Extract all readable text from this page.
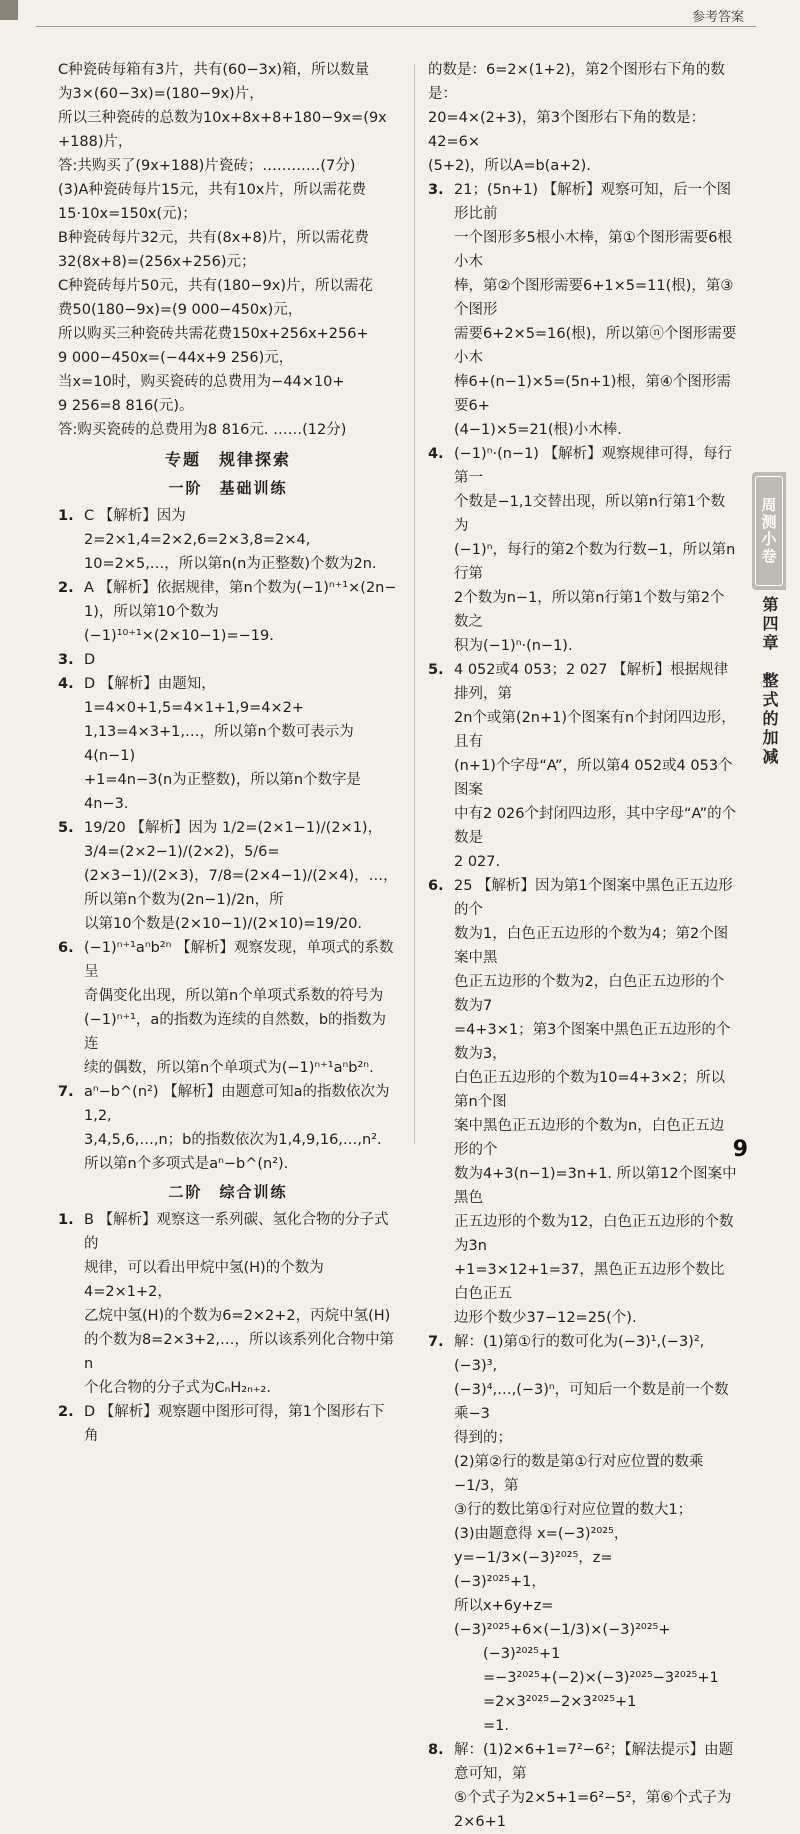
参考答案

C种瓷砖每箱有3片，共有(60−3x)箱，所以数量

为3×(60−3x)=(180−9x)片，

所以三种瓷砖的总数为10x+8x+8+180−9x=(9x

+188)片，

答:共购买了(9x+188)片瓷砖；…………(7分)

(3)A种瓷砖每片15元，共有10x片，所以需花费

15·10x=150x(元)；

B种瓷砖每片32元，共有(8x+8)片，所以需花费

32(8x+8)=(256x+256)元；

C种瓷砖每片50元，共有(180−9x)片，所以需花

费50(180−9x)=(9 000−450x)元，

所以购买三种瓷砖共需花费150x+256x+256+

9 000−450x=(−44x+9 256)元，

当x=10时，购买瓷砖的总费用为−44×10+

9 256=8 816(元)。

答:购买瓷砖的总费用为8 816元. ……(12分)

专题　规律探索
一阶　基础训练
1. C 【解析】因为2=2×1,4=2×2,6=2×3,8=2×4,

10=2×5,…，所以第n(n为正整数)个数为2n.

2. A 【解析】依据规律，第n个数为(−1)ⁿ⁺¹×(2n−

1)，所以第10个数为(−1)¹⁰⁺¹×(2×10−1)=−19.

3. D

4. D 【解析】由题知，1=4×0+1,5=4×1+1,9=4×2+

1,13=4×3+1,…，所以第n个数可表示为4(n−1)

+1=4n−3(n为正整数)，所以第n个数字是4n−3.

5. 19/20 【解析】因为 1/2=(2×1−1)/(2×1)，3/4=(2×2−1)/(2×2)，5/6=

(2×3−1)/(2×3)，7/8=(2×4−1)/(2×4)，…，所以第n个数为(2n−1)/2n，所

以第10个数是(2×10−1)/(2×10)=19/20.

6. (−1)ⁿ⁺¹aⁿb²ⁿ 【解析】观察发现，单项式的系数呈

奇偶变化出现，所以第n个单项式系数的符号为

(−1)ⁿ⁺¹，a的指数为连续的自然数，b的指数为连

续的偶数，所以第n个单项式为(−1)ⁿ⁺¹aⁿb²ⁿ.

7. aⁿ−b^(n²) 【解析】由题意可知a的指数依次为1,2,

3,4,5,6,…,n；b的指数依次为1,4,9,16,…,n².

所以第n个多项式是aⁿ−b^(n²).

二阶　综合训练
1. B 【解析】观察这一系列碳、氢化合物的分子式的

规律，可以看出甲烷中氢(H)的个数为4=2×1+2，

乙烷中氢(H)的个数为6=2×2+2，丙烷中氢(H)

的个数为8=2×3+2,…，所以该系列化合物中第n

个化合物的分子式为CₙH₂ₙ₊₂.

2. D 【解析】观察题中图形可得，第1个图形右下角

的数是：6=2×(1+2)，第2个图形右下角的数是：

20=4×(2+3)，第3个图形右下角的数是：42=6×

(5+2)，所以A=b(a+2).

3. 21；(5n+1) 【解析】观察可知，后一个图形比前

一个图形多5根小木棒，第①个图形需要6根小木

棒，第②个图形需要6+1×5=11(根)，第③个图形

需要6+2×5=16(根)，所以第ⓝ个图形需要小木

棒6+(n−1)×5=(5n+1)根，第④个图形需要6+

(4−1)×5=21(根)小木棒.

4. (−1)ⁿ·(n−1) 【解析】观察规律可得，每行第一

个数是−1,1交替出现，所以第n行第1个数为

(−1)ⁿ，每行的第2个数为行数−1，所以第n行第

2个数为n−1，所以第n行第1个数与第2个数之

积为(−1)ⁿ·(n−1).

5. 4 052或4 053；2 027 【解析】根据规律排列，第

2n个或第(2n+1)个图案有n个封闭四边形，且有

(n+1)个字母“A”，所以第4 052或4 053个图案

中有2 026个封闭四边形，其中字母“A”的个数是

2 027.

6. 25 【解析】因为第1个图案中黑色正五边形的个

数为1，白色正五边形的个数为4；第2个图案中黑

色正五边形的个数为2，白色正五边形的个数为7

=4+3×1；第3个图案中黑色正五边形的个数为3，

白色正五边形的个数为10=4+3×2；所以第n个图

案中黑色正五边形的个数为n，白色正五边形的个

数为4+3(n−1)=3n+1. 所以第12个图案中黑色

正五边形的个数为12，白色正五边形的个数为3n

+1=3×12+1=37，黑色正五边形个数比白色正五

边形个数少37−12=25(个).

7. 解：(1)第①行的数可化为(−3)¹,(−3)²,(−3)³,

(−3)⁴,…,(−3)ⁿ，可知后一个数是前一个数乘−3

得到的；

(2)第②行的数是第①行对应位置的数乘−1/3，第

③行的数比第①行对应位置的数大1；

(3)由题意得 x=(−3)²⁰²⁵，y=−1/3×(−3)²⁰²⁵，z=

(−3)²⁰²⁵+1，

所以x+6y+z=(−3)²⁰²⁵+6×(−1/3)×(−3)²⁰²⁵+

　　(−3)²⁰²⁵+1

　　=−3²⁰²⁵+(−2)×(−3)²⁰²⁵−3²⁰²⁵+1

　　=2×3²⁰²⁵−2×3²⁰²⁵+1

　　=1.

8. 解：(1)2×6+1=7²−6²；【解法提示】由题意可知，第

⑤个式子为2×5+1=6²−5²，第⑥个式子为2×6+1

周测小卷
第四章　整式的加减
9
